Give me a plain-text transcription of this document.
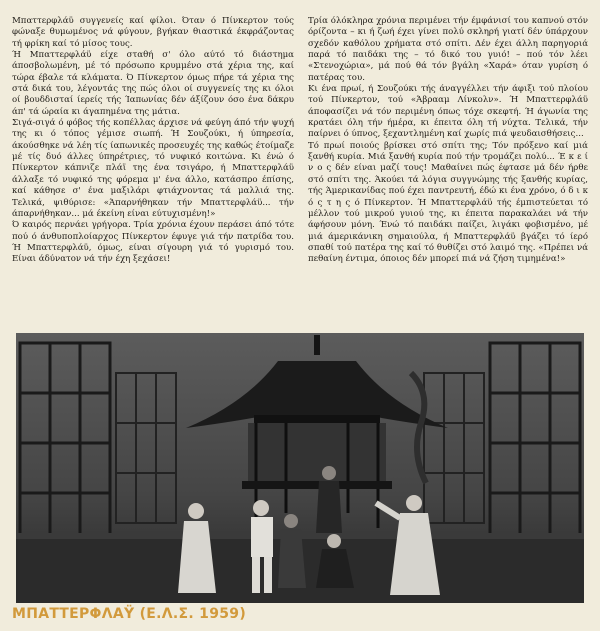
Μπαττερφλάϋ συγγενείς καί φίλοι. Όταν ό Πίνκερτον τούς φώναξε θυμωμένος νά φύγουν, βγήκαν θιαστικά έκφράζοντας τή φρίκη καί τό μίσος τους.

Ή Μπαττερφλάϋ είχε σταθή σ' όλο αύτό τό διάστημα άποσβολωμένη, μέ τό πρόσωπο κρυμμένο στά χέρια της, καί τώρα έβαλε τά κλάματα. Ό Πίνκερτον όμως πήρε τά χέρια της στά δικά του, λέγοντάς της πώς όλοι οί συγγενείς της κι όλοι οί βουδδισταί ίερείς τής Ίαπωνίας δέν άξίζουν όσο ένα δάκρυ άπ' τά ώραία κι άγαπημένα της μάτια.

Σιγά-σιγά ό φόβος τής κοπέλλας άρχισε νά φεύγη άπό τήν ψυχή της κι ό τόπος γέμισε σιωπή. Ή Σουζούκι, ή ύπηρεσία, άκούσθηκε νά λέη τίς ίαπωνικές προσευχές της καθώς έτοίμαζε μέ τίς δυό άλλες ύπηρέτριες, τό νυφικό κοιτώνα. Κι ένώ ό Πίνκερτον κάπνιζε πλάϊ της ένα τσιγάρο, ή Μπαττερφλάϋ άλλαξε τό νυφικό της φόρεμα μ' ένα άλλο, κατάσπρο έπίσης, καί κάθησε σ' ένα μαξιλάρι φτιάχνοντας τά μαλλιά της. Τελικά, ψιθύρισε: «Άπαρνήθηκαν τήν Μπαττερφλάϋ... τήν άπαρνήθηκαν... μά έκείνη είναι εύτυχισμένη!»

Ό καιρός περνάει γρήγορα. Τρία χρόνια έχουν περάσει άπό τότε πού ό άνθυποπλοίαρχος Πίνκερτον έφυγε γιά τήν πατρίδα του. Ή Μπαττερφλάϋ, όμως, είναι σίγουρη γιά τό γυρισμό του. Είναι άδύνατον νά τήν έχη ξεχάσει!

Τρία όλόκληρα χρόνια περιμένει τήν έμφάνισί του καπνού στόν όρίζοντα – κι ή ζωή έχει γίνει πολύ σκληρή γιατί δέν ύπάρχουν σχεδόν καθόλου χρήματα στό σπίτι. Δέν έχει άλλη παρηγοριά παρά τό παιδάκι της – τό δικό του γυιό! – πού τόν λέει «Στενοχώρια», μά πού θά τόν βγάλη «Χαρά» όταν γυρίση ό πατέρας του.

Κι ένα πρωί, ή Σουζούκι τής άναγγέλλει τήν άφιξι τού πλοίου τού Πίνκερτον, τού «Άβρααμ Λίνκολν». Ή Μπαττερφλάϋ άποφασίζει νά τόν περιμένη όπως τόχε σκεφτή. Ή άγωνία της κρατάει όλη τήν ήμέρα, κι έπειτα όλη τή νύχτα. Τελικά, τήν παίρνει ό ύπνος, ξεχαντλημένη καί χωρίς πιά ψευδαισθήσεις...

Τό πρωί ποιούς βρίσκει στό σπίτι της; Τόν πρόξενο καί μιά ξανθή κυρία. Μιά ξανθή κυρία πού τήν τρομάζει πολύ... Έ κ ε ί ν ο ς δέν είναι μαζί τους! Μαθαίνει πώς έφτασε μά δέν ήρθε στό σπίτι της. Άκούει τά λόγια συγγνώμης τής ξανθής κυρίας, τής Άμερικανίδας πού έχει παντρευτή, έδώ κι ένα χρόνο, ό δ ι κ ό ς τ η ς ό Πίνκερτον. Ή Μπαττερφλάϋ τής έμπιστεύεται τό μέλλον τού μικρού γυιού της, κι έπειτα παρακαλάει νά τήν άφήσουν μόνη. Ένώ τό παιδάκι παίζει, λιγάκι φοβισμένο, μέ μιά άμερικάνικη σημαιούλα, ή Μπαττερφλάϋ βγάζει τό ίερό σπαθί τού πατέρα της καί τό θυθίζει στό λαιμό της. «Πρέπει νά πεθαίνη έντιμα, όποιος δέν μπορεί πιά νά ζήση τιμημένα!»

ΜΠΑΤΤΕΡΦΛΑΫ (Ε.Λ.Σ. 1959)
